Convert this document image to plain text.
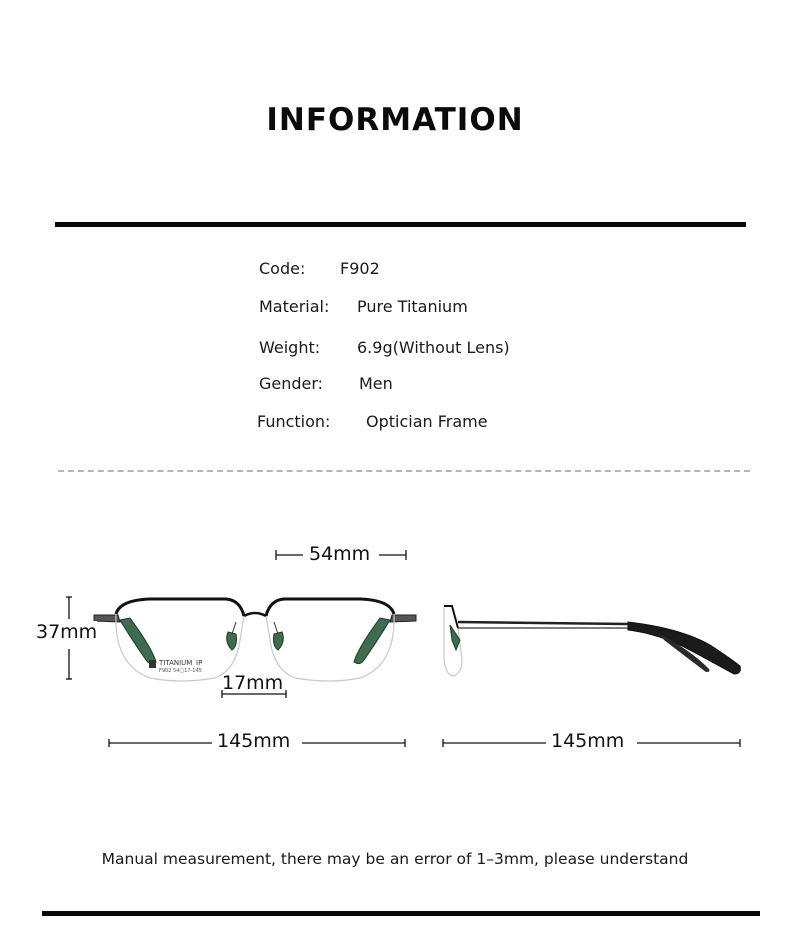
INFORMATION
Code: F902
Material: Pure Titanium
Weight: 6.9g(Without Lens)
Gender: Men
Function: Optician Frame
54mm
37mm
17mm
145mm	145mm
TITANIUM IP
F902 54□17-145
Manual measurement, there may be an error of 1–3mm, please understand
